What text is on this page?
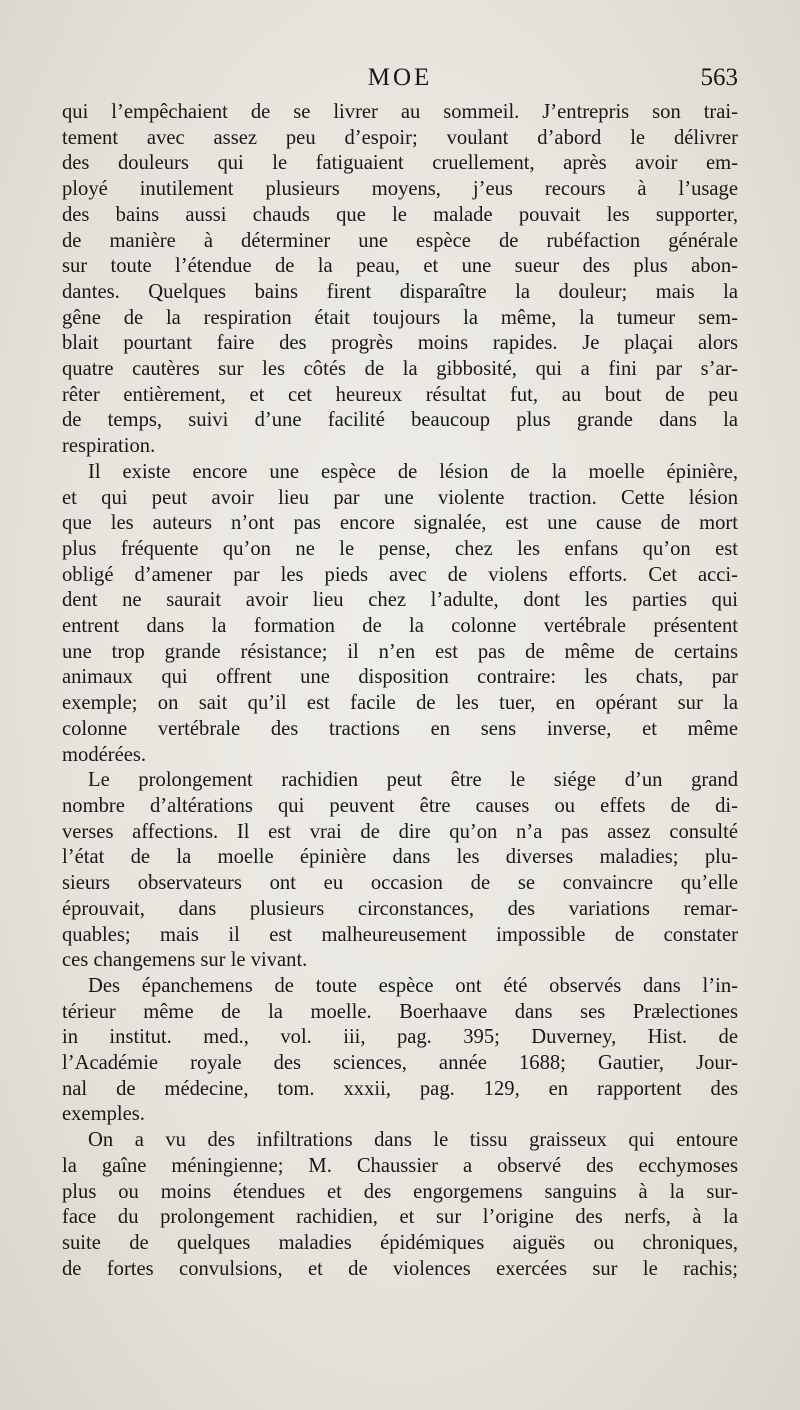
MOE	563
qui l’empêchaient de se livrer au sommeil. J’entrepris son trai-
tement avec assez peu d’espoir; voulant d’abord le délivrer
des douleurs qui le fatiguaient cruellement, après avoir em-
ployé inutilement plusieurs moyens, j’eus recours à l’usage
des bains aussi chauds que le malade pouvait les supporter,
de manière à déterminer une espèce de rubéfaction générale
sur toute l’étendue de la peau, et une sueur des plus abon-
dantes. Quelques bains firent disparaître la douleur; mais la
gêne de la respiration était toujours la même, la tumeur sem-
blait pourtant faire des progrès moins rapides. Je plaçai alors
quatre cautères sur les côtés de la gibbosité, qui a fini par s’ar-
rêter entièrement, et cet heureux résultat fut, au bout de peu
de temps, suivi d’une facilité beaucoup plus grande dans la
respiration.
Il existe encore une espèce de lésion de la moelle épinière,
et qui peut avoir lieu par une violente traction. Cette lésion
que les auteurs n’ont pas encore signalée, est une cause de mort
plus fréquente qu’on ne le pense, chez les enfans qu’on est
obligé d’amener par les pieds avec de violens efforts. Cet acci-
dent ne saurait avoir lieu chez l’adulte, dont les parties qui
entrent dans la formation de la colonne vertébrale présentent
une trop grande résistance; il n’en est pas de même de certains
animaux qui offrent une disposition contraire: les chats, par
exemple; on sait qu’il est facile de les tuer, en opérant sur la
colonne vertébrale des tractions en sens inverse, et même
modérées.
Le prolongement rachidien peut être le siége d’un grand
nombre d’altérations qui peuvent être causes ou effets de di-
verses affections. Il est vrai de dire qu’on n’a pas assez consulté
l’état de la moelle épinière dans les diverses maladies; plu-
sieurs observateurs ont eu occasion de se convaincre qu’elle
éprouvait, dans plusieurs circonstances, des variations remar-
quables; mais il est malheureusement impossible de constater
ces changemens sur le vivant.
Des épanchemens de toute espèce ont été observés dans l’in-
térieur même de la moelle. Boerhaave dans ses Prælectiones
in institut. med., vol. iii, pag. 395; Duverney, Hist. de
l’Académie royale des sciences, année 1688; Gautier, Jour-
nal de médecine, tom. xxxii, pag. 129, en rapportent des
exemples.
On a vu des infiltrations dans le tissu graisseux qui entoure
la gaîne méningienne; M. Chaussier a observé des ecchymoses
plus ou moins étendues et des engorgemens sanguins à la sur-
face du prolongement rachidien, et sur l’origine des nerfs, à la
suite de quelques maladies épidémiques aiguës ou chroniques,
de fortes convulsions, et de violences exercées sur le rachis;
